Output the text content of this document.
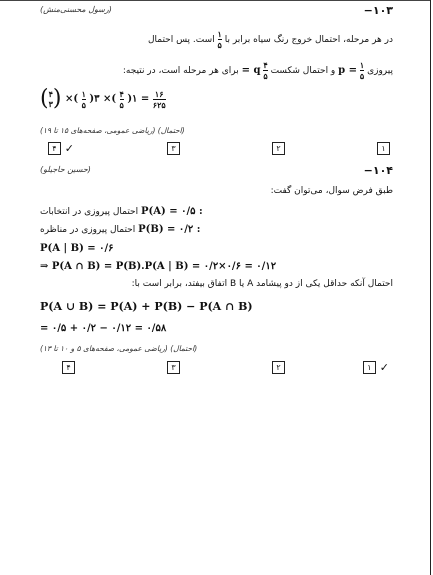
−۱۰۳
(رسول محسنی‌منش)
در هر مرحله، احتمال خروج رنگ سیاه برابر با
$\frac{۱}{۵}$
است. پس احتمال
پیروزی
$\frac{۱}{۵}$
p = و احتمال شکست
$\frac{۴}{۵}$
= q برای هر مرحله است، در نتیجه:
( ۴
۳ ) ×( $\frac{۱}{۵}$ )۳ ×( $\frac{۴}{۵}$ )۱ = $\frac{۱۶}{۶۲۵}$
(احتمال) (ریاضی عمومی، صفحه‌های ۱۵ تا ۱۹)
۱
۲
۳
۴ ✓
−۱۰۴
(حسین حاجیلو)
طبق فرض سوال، می‌توان گفت:
P(A) = ۰/۵ : احتمال پیروزی در انتخابات
P(B) = ۰/۲ : احتمال پیروزی در مناظره
P(A | B) = ۰/۶
⇒ P(A ∩ B) = P(B).P(A | B) = ۰/۲×۰/۶ = ۰/۱۲
احتمال آنکه حداقل یکی از دو پیشامد A یا B اتفاق بیفتد، برابر است با:
P(A ∪ B) = P(A) + P(B) − P(A ∩ B)
= ۰/۵ + ۰/۲ − ۰/۱۲ = ۰/۵۸
(احتمال) (ریاضی عمومی، صفحه‌های ۵ و ۱۰ تا ۱۳)
۱ ✓
۲
۳
۴
